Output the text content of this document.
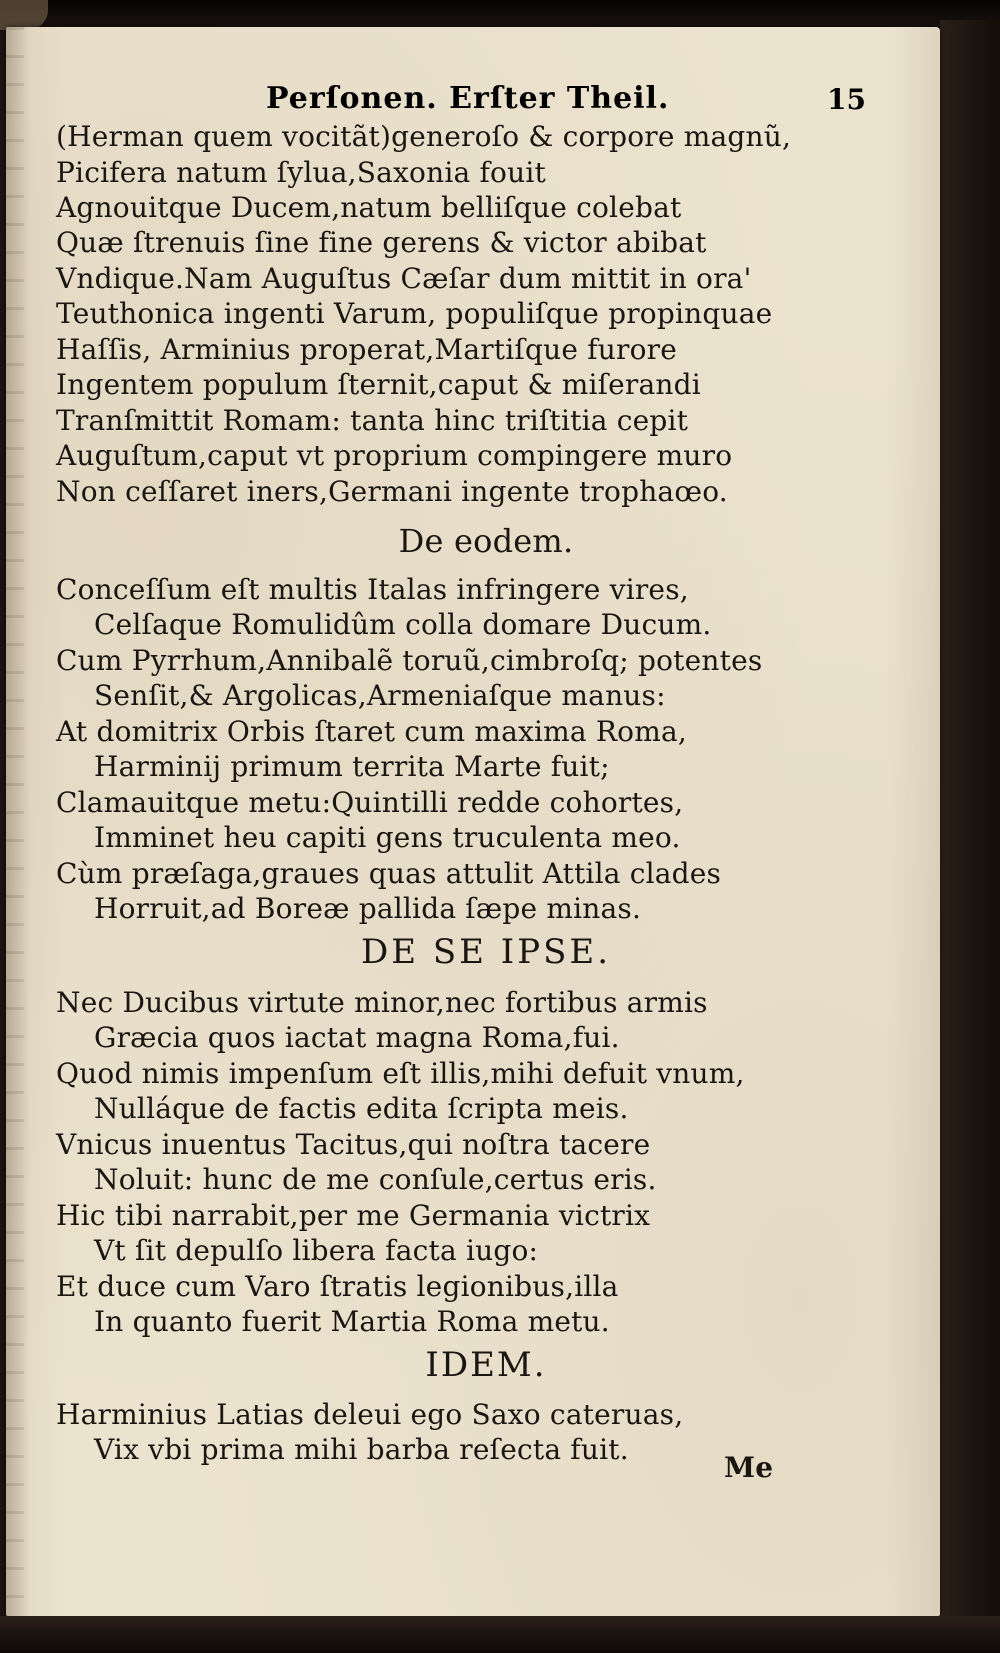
Perſonen. Erſter Theil.	15
(Herman quem vocitãt)generoſo & corpore magnũ,
Picifera natum ſylua,Saxonia fouit
Agnouitque Ducem,natum belliſque colebat
Quæ ſtrenuis ſine fine gerens & victor abibat
Vndique.Nam Auguſtus Cæſar dum mittit in ora'
Teuthonica ingenti Varum, populiſque propinquae
Haſſis, Arminius properat,Martiſque furore
Ingentem populum ſternit,caput & miſerandi
Tranſmittit Romam: tanta hinc triſtitia cepit
Auguſtum,caput vt proprium compingere muro
Non ceſſaret iners,Germani ingente trophaœo.
De eodem.
Conceſſum eſt multis Italas infringere vires,
Celſaque Romulidûm colla domare Ducum.
Cum Pyrrhum,Annibalẽ toruũ,cimbroſq; potentes
Senſit,& Argolicas,Armeniaſque manus:
At domitrix Orbis ſtaret cum maxima Roma,
Harminij primum territa Marte fuit;
Clamauitque metu:Quintilli redde cohortes,
Imminet heu capiti gens truculenta meo.
Cùm præſaga,graues quas attulit Attila clades
Horruit,ad Boreæ pallida ſæpe minas.
DE SE IPSE.
Nec Ducibus virtute minor,nec fortibus armis
Græcia quos iactat magna Roma,fui.
Quod nimis impenſum eſt illis,mihi defuit vnum,
Nulláque de factis edita ſcripta meis.
Vnicus inuentus Tacitus,qui noſtra tacere
Noluit: hunc de me conſule,certus eris.
Hic tibi narrabit,per me Germania victrix
Vt ſit depulſo libera facta iugo:
Et duce cum Varo ſtratis legionibus,illa
In quanto fuerit Martia Roma metu.
IDEM.
Harminius Latias deleui ego Saxo cateruas,
Vix vbi prima mihi barba reſecta fuit.
Me
